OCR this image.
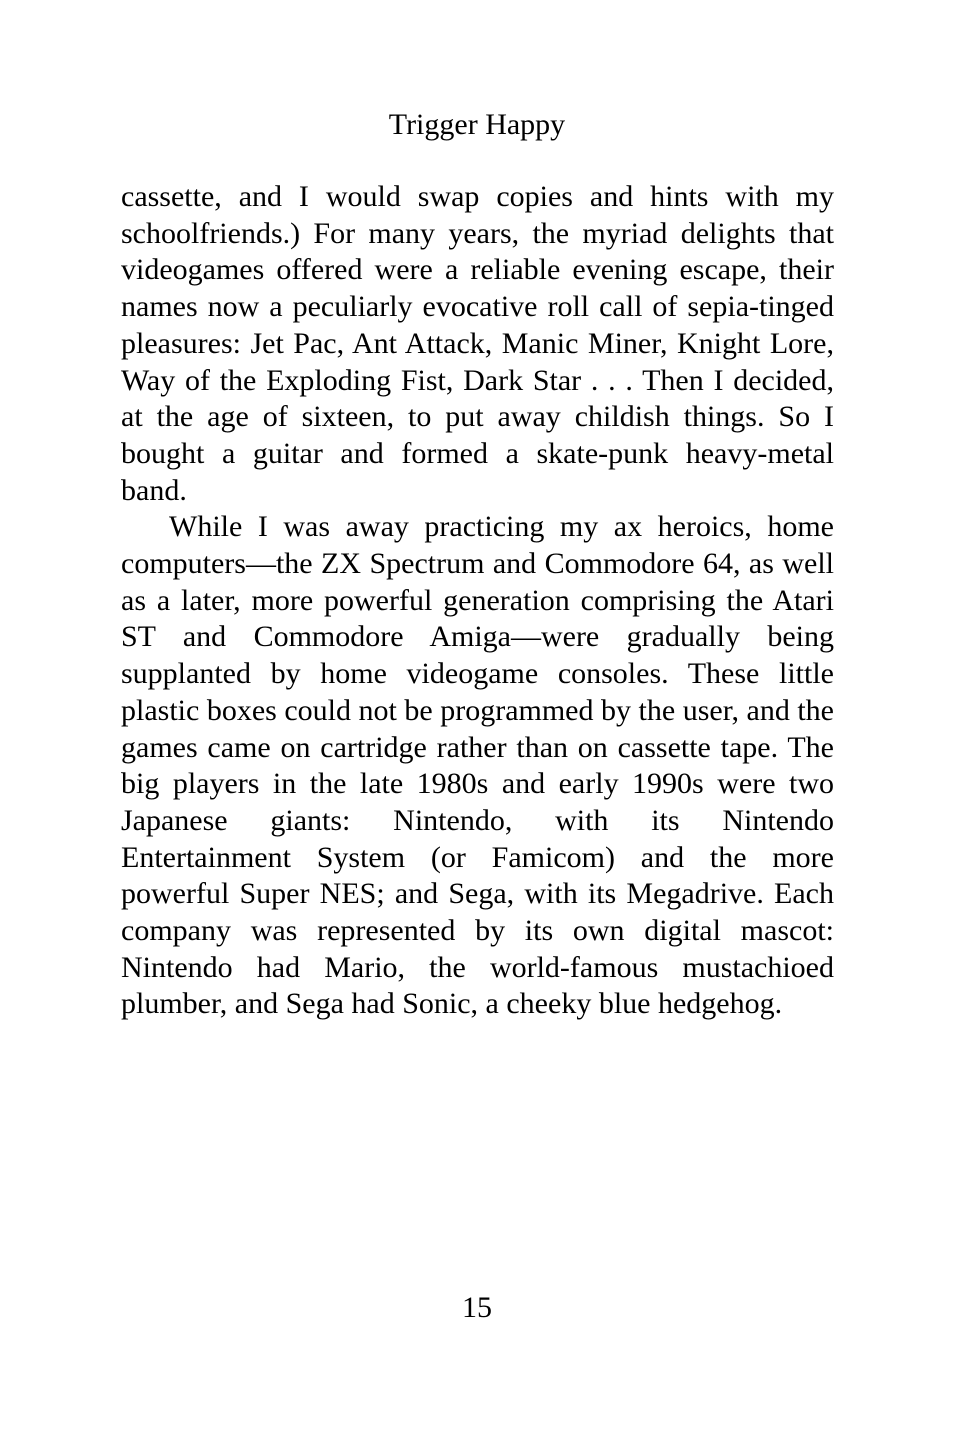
Trigger Happy

cassette, and I would swap copies and hints with my schoolfriends.) For many years, the myriad delights that videogames offered were a reliable evening escape, their names now a peculiarly evocative roll call of sepia-tinged pleasures: Jet Pac, Ant Attack, Manic Miner, Knight Lore, Way of the Exploding Fist, Dark Star . . . Then I decided, at the age of sixteen, to put away childish things. So I bought a guitar and formed a skate-punk heavy-metal band.

While I was away practicing my ax heroics, home computers—the ZX Spectrum and Commodore 64, as well as a later, more powerful generation comprising the Atari ST and Commodore Amiga—were gradually being supplanted by home videogame consoles. These little plastic boxes could not be programmed by the user, and the games came on cartridge rather than on cassette tape. The big players in the late 1980s and early 1990s were two Japanese giants: Nintendo, with its Nintendo Entertainment System (or Famicom) and the more powerful Super NES; and Sega, with its Megadrive. Each company was represented by its own digital mascot: Nintendo had Mario, the world-famous mustachioed plumber, and Sega had Sonic, a cheeky blue hedgehog.

15
